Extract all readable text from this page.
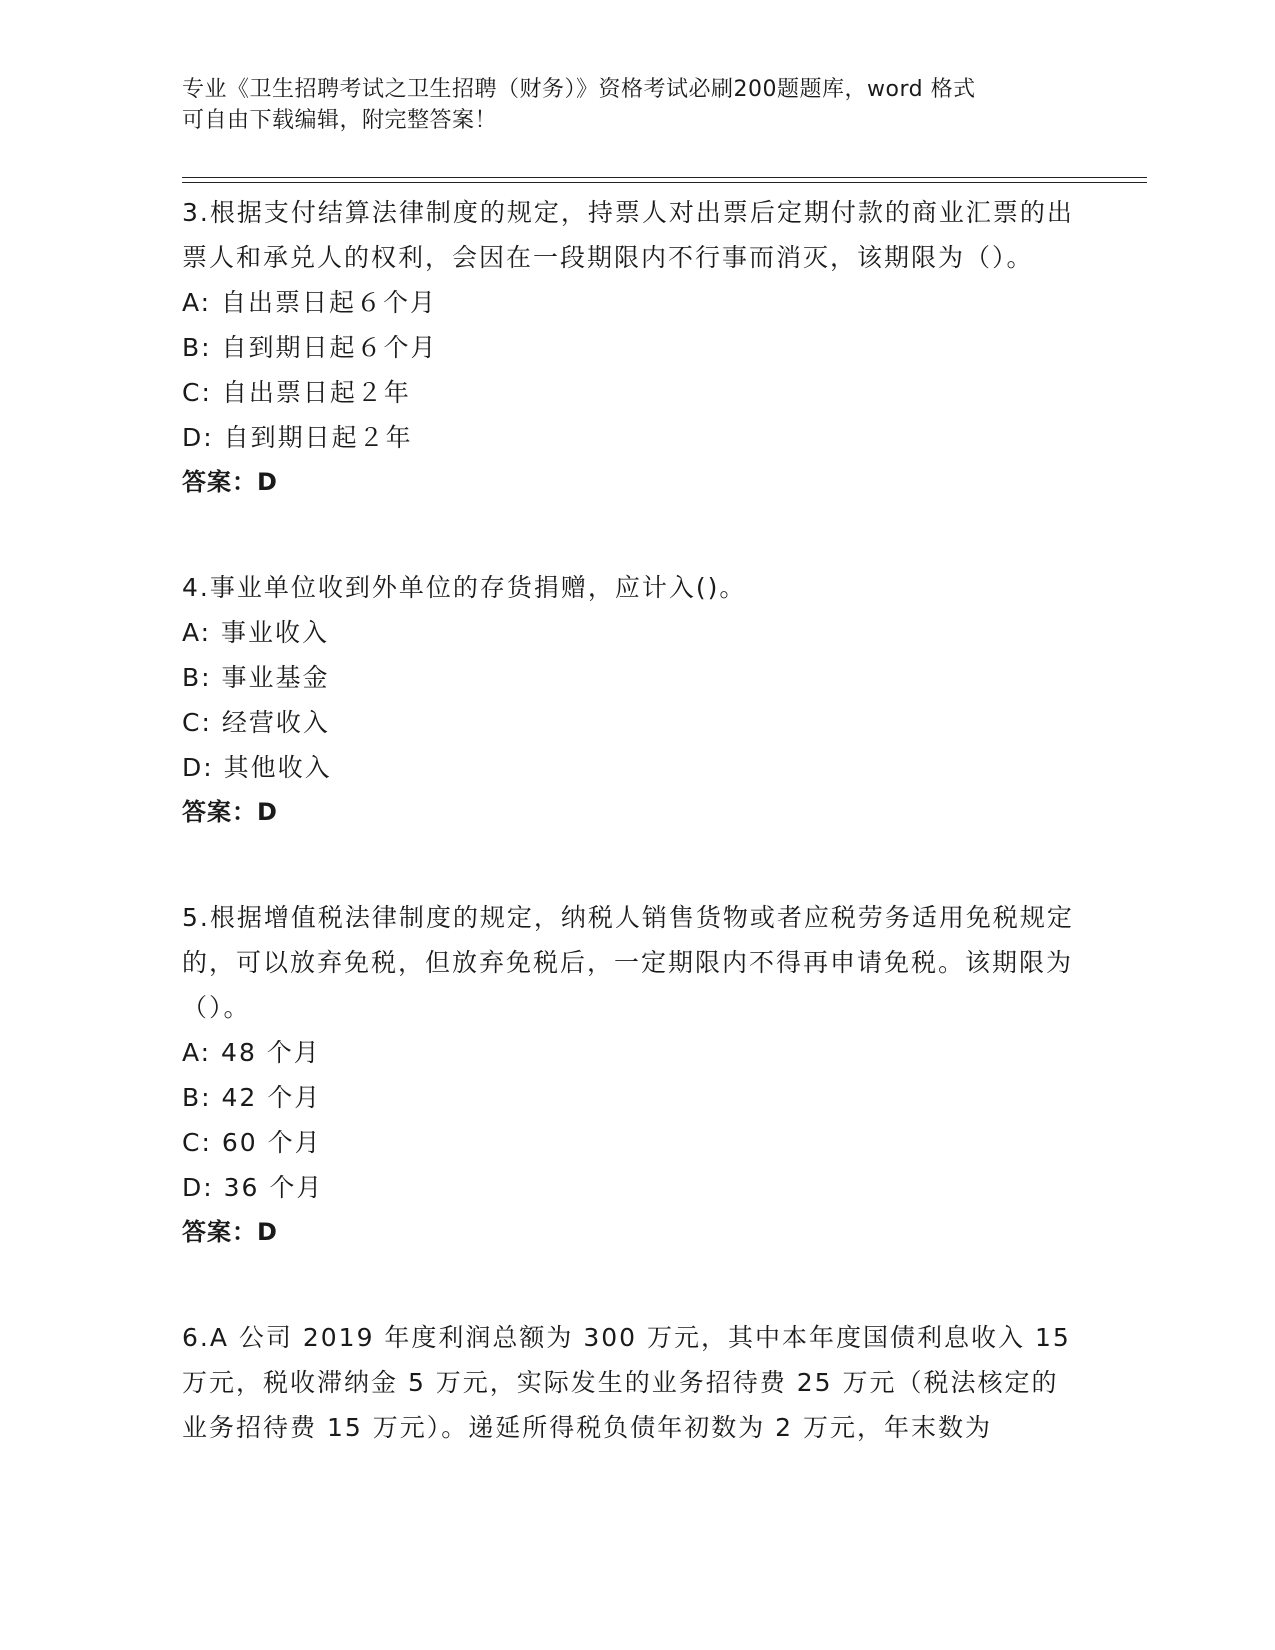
专业《卫生招聘考试之卫生招聘（财务）》资格考试必刷200题题库，word 格式
可自由下载编辑，附完整答案！
3.根据支付结算法律制度的规定，持票人对出票后定期付款的商业汇票的出票人和承兑人的权利，会因在一段期限内不行事而消灭，该期限为（）。
A: 自出票日起６个月
B: 自到期日起６个月
C: 自出票日起２年
D: 自到期日起２年
答案：D
4.事业单位收到外单位的存货捐赠，应计入()。
A: 事业收入
B: 事业基金
C: 经营收入
D: 其他收入
答案：D
5.根据增值税法律制度的规定，纳税人销售货物或者应税劳务适用免税规定的，可以放弃免税，但放弃免税后，一定期限内不得再申请免税。该期限为（）。
A: 48 个月
B: 42 个月
C: 60 个月
D: 36 个月
答案：D
6.A 公司 2019 年度利润总额为 300 万元，其中本年度国债利息收入 15 万元，税收滞纳金 5 万元，实际发生的业务招待费 25 万元（税法核定的业务招待费 15 万元）。递延所得税负债年初数为 2 万元，年末数为
